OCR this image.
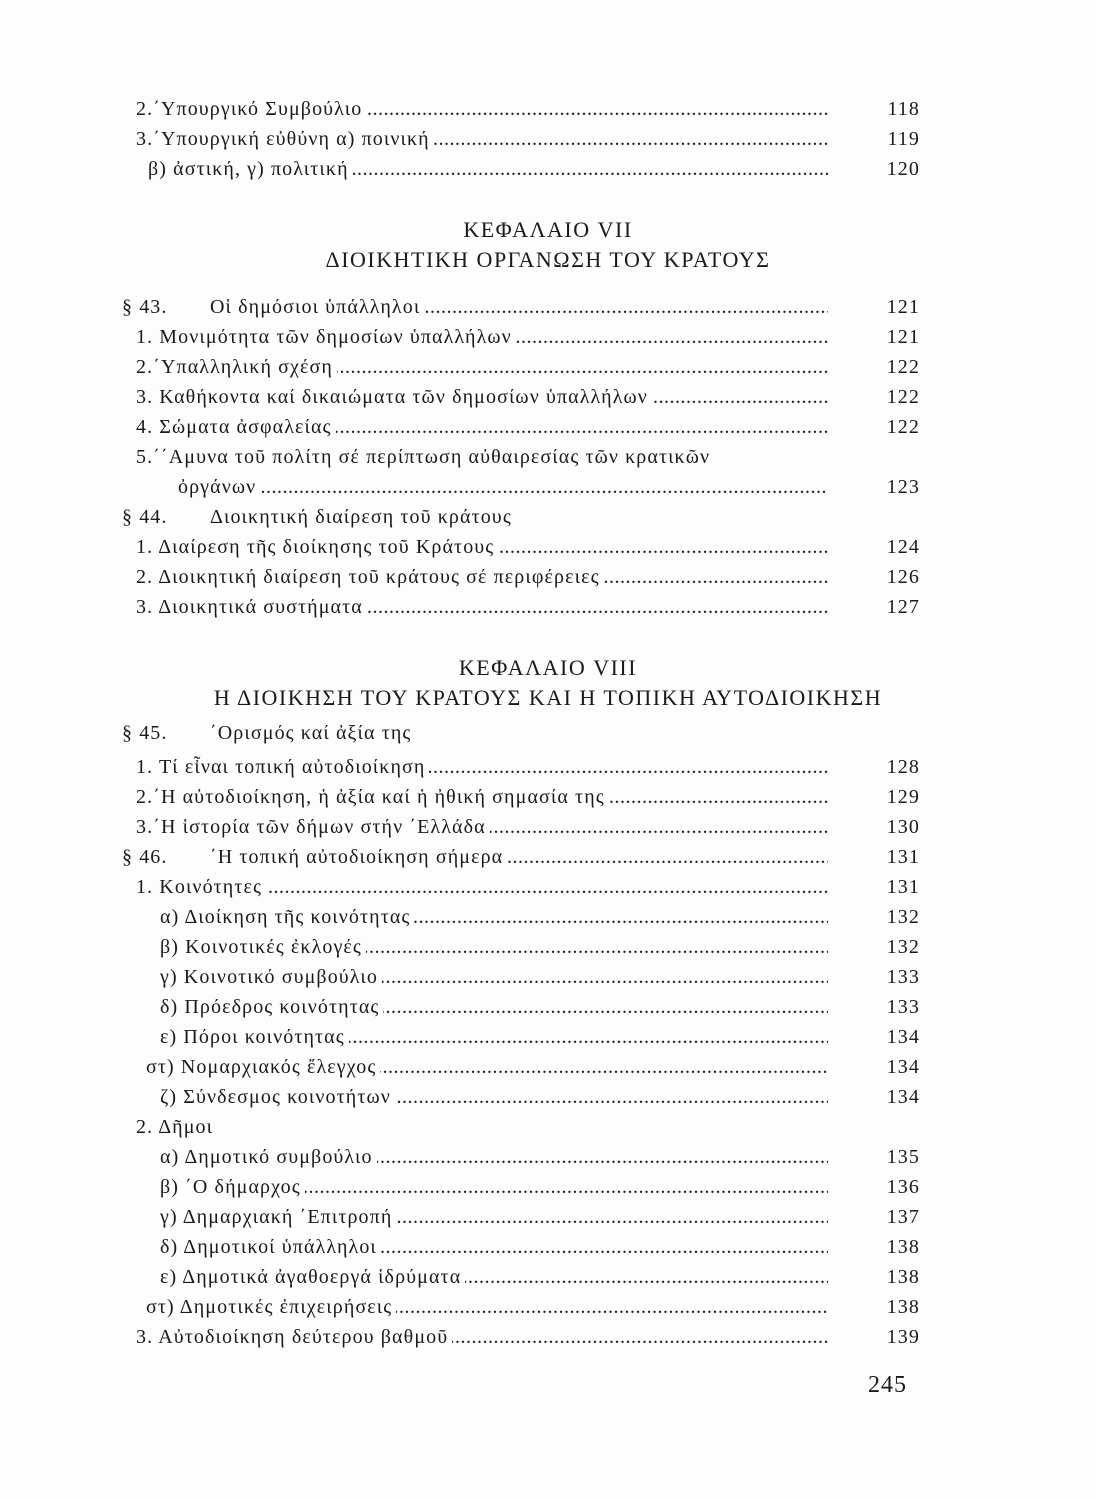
2.΄Υπουργικό Συμβούλιο .....	118
3.΄Υπουργική εὐθύνη α) ποινική .....	119
β) ἀστική, γ) πολιτική .....	120
ΚΕΦΑΛΑΙΟ VII
ΔΙΟΙΚΗΤΙΚΗ ΟΡΓΑΝΩΣΗ ΤΟΥ ΚΡΑΤΟΥΣ
§ 43. Οἱ δημόσιοι ὑπάλληλοι .....	121
1. Μονιμότητα τῶν δημοσίων ὑπαλλήλων .....	121
2.΄Υπαλληλική σχέση .....	122
3. Καθήκοντα καί δικαιώματα τῶν δημοσίων ὑπαλλήλων .....	122
4. Σώματα ἀσφαλείας .....	122
5.΄΄Αμυνα τοῦ πολίτη σέ περίπτωση αὐθαιρεσίας τῶν κρατικῶν
ὀργάνων .....	123
§ 44. Διοικητική διαίρεση τοῦ κράτους
1. Διαίρεση τῆς διοίκησης τοῦ Κράτους .....	124
2. Διοικητική διαίρεση τοῦ κράτους σέ περιφέρειες .....	126
3. Διοικητικά συστήματα .....	127
ΚΕΦΑΛΑΙΟ VIII
Η ΔΙΟΙΚΗΣΗ ΤΟΥ ΚΡΑΤΟΥΣ ΚΑΙ Η ΤΟΠΙΚΗ ΑΥΤΟΔΙΟΙΚΗΣΗ
§ 45. ΄Ορισμός καί ἀξία της
1. Τί εἶναι τοπική αὐτοδιοίκηση .....	128
2.΄Η αὐτοδιοίκηση, ἡ ἀξία καί ἡ ἠθική σημασία της .....	129
3.΄Η ἱστορία τῶν δήμων στήν ΄Ελλάδα .....	130
§ 46. ΄Η τοπική αὐτοδιοίκηση σήμερα .....	131
1. Κοινότητες .....	131
α) Διοίκηση τῆς κοινότητας .....	132
β) Κοινοτικές ἐκλογές .....	132
γ) Κοινοτικό συμβούλιο .....	133
δ) Πρόεδρος κοινότητας .....	133
ε) Πόροι κοινότητας .....	134
στ) Νομαρχιακός ἔλεγχος .....	134
ζ) Σύνδεσμος κοινοτήτων .....	134
2. Δῆμοι
α) Δημοτικό συμβούλιο .....	135
β) ΄Ο δήμαρχος .....	136
γ) Δημαρχιακή ΄Επιτροπή .....	137
δ) Δημοτικοί ὑπάλληλοι .....	138
ε) Δημοτικά ἀγαθοεργά ἱδρύματα .....	138
στ) Δημοτικές ἐπιχειρήσεις .....	138
3. Αὐτοδιοίκηση δεύτερου βαθμοῦ .....	139
245
